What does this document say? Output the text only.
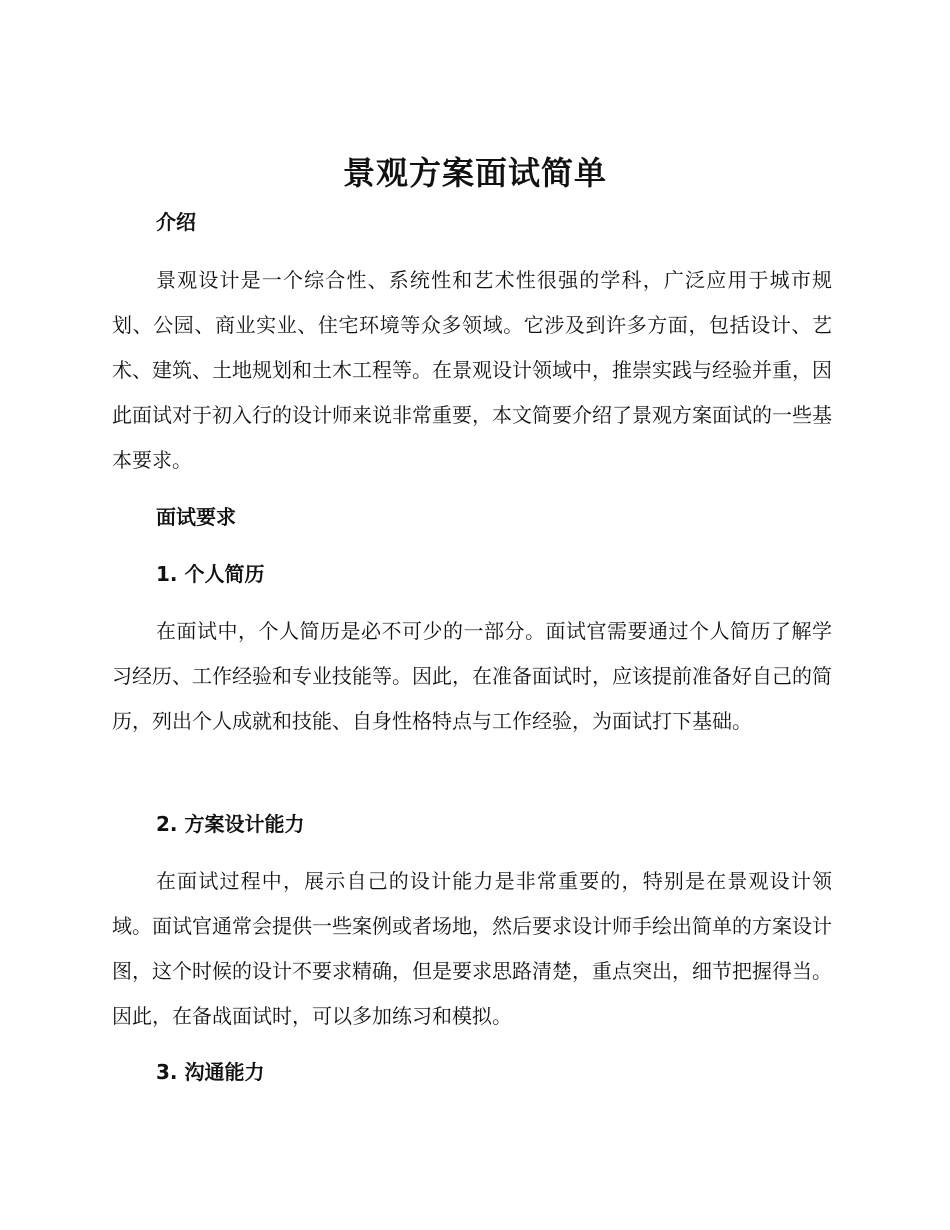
景观方案面试简单
介绍
景观设计是一个综合性、系统性和艺术性很强的学科，广泛应用于城市规划、公园、商业实业、住宅环境等众多领域。它涉及到许多方面，包括设计、艺术、建筑、土地规划和土木工程等。在景观设计领域中，推崇实践与经验并重，因此面试对于初入行的设计师来说非常重要，本文简要介绍了景观方案面试的一些基本要求。
面试要求
1. 个人简历
在面试中，个人简历是必不可少的一部分。面试官需要通过个人简历了解学习经历、工作经验和专业技能等。因此，在准备面试时，应该提前准备好自己的简历，列出个人成就和技能、自身性格特点与工作经验，为面试打下基础。
2. 方案设计能力
在面试过程中，展示自己的设计能力是非常重要的，特别是在景观设计领域。面试官通常会提供一些案例或者场地，然后要求设计师手绘出简单的方案设计图，这个时候的设计不要求精确，但是要求思路清楚，重点突出，细节把握得当。因此，在备战面试时，可以多加练习和模拟。
3. 沟通能力
